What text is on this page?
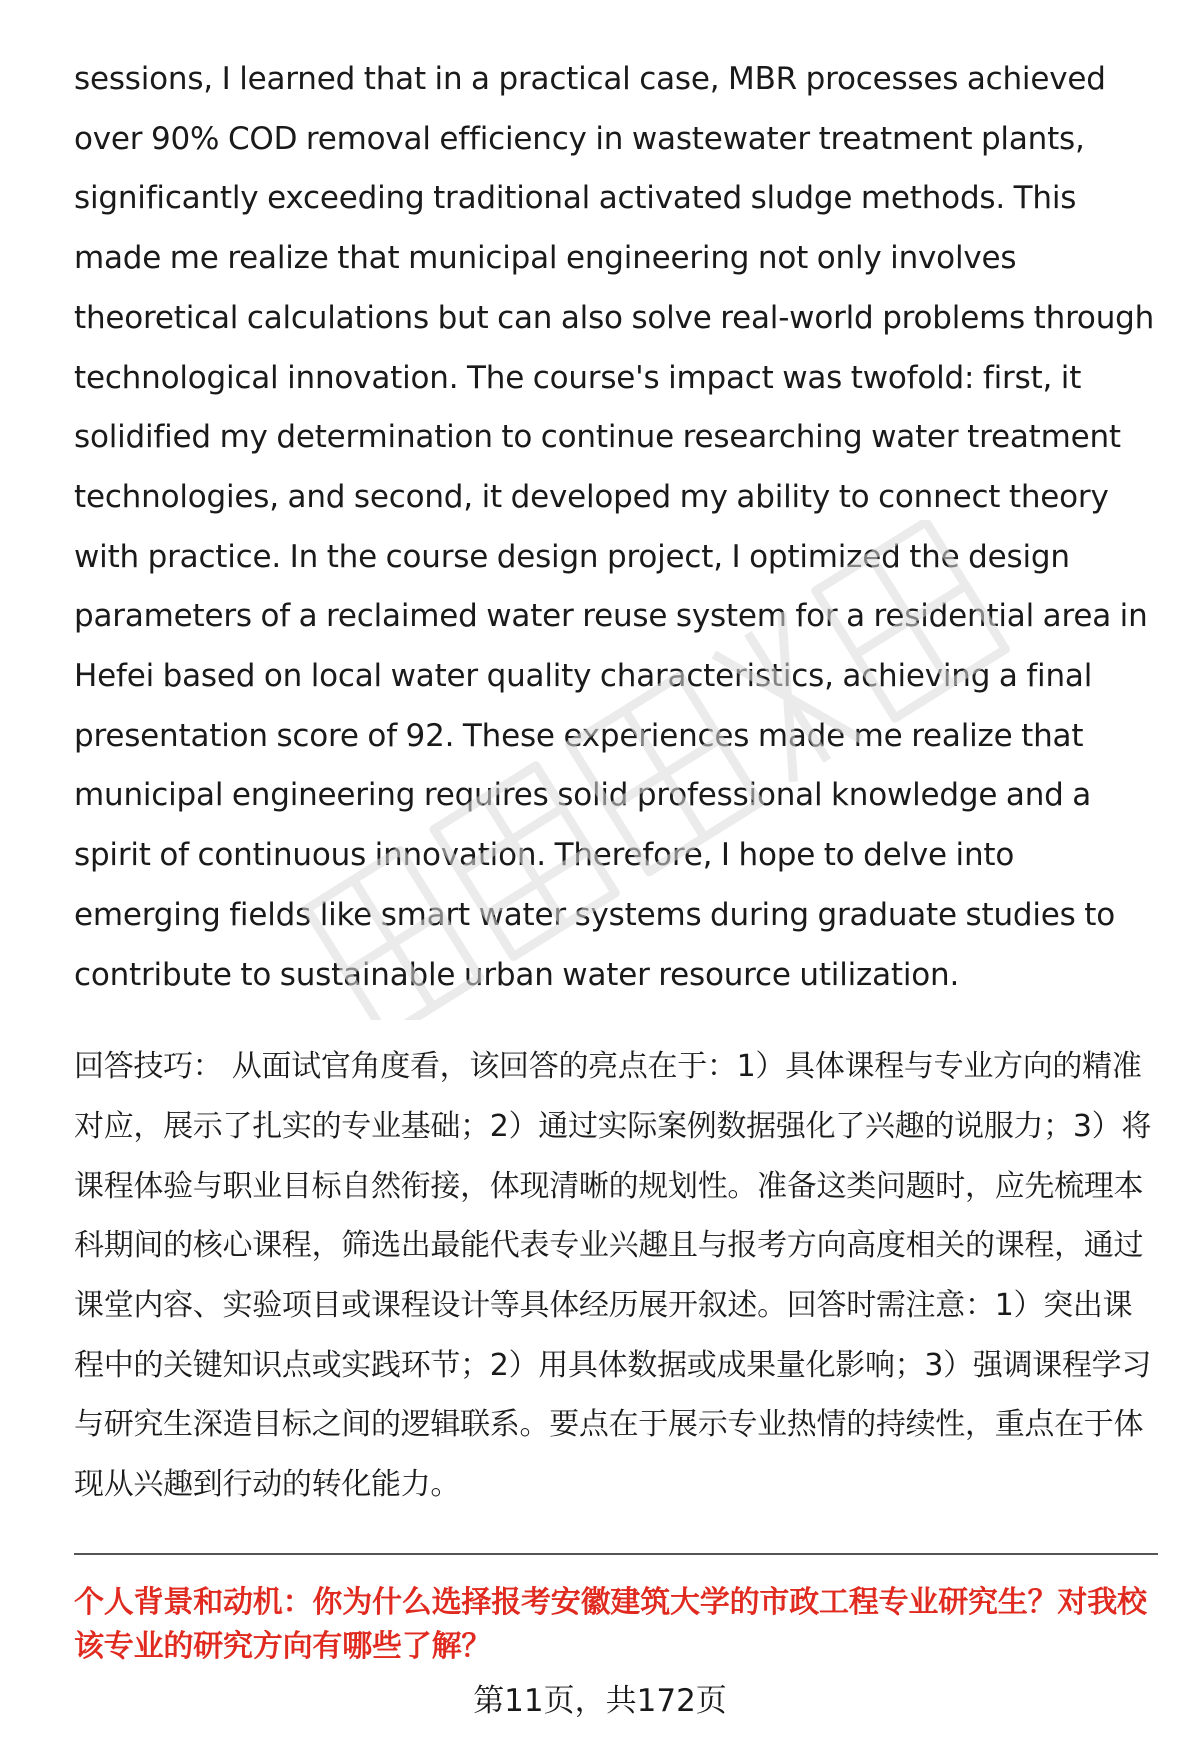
sessions, I learned that in a practical case, MBR processes achieved over 90% COD removal efficiency in wastewater treatment plants, significantly exceeding traditional activated sludge methods. This made me realize that municipal engineering not only involves theoretical calculations but can also solve real-world problems through technological innovation. The course's impact was twofold: first, it solidified my determination to continue researching water treatment technologies, and second, it developed my ability to connect theory with practice. In the course design project, I optimized the design parameters of a reclaimed water reuse system for a residential area in Hefei based on local water quality characteristics, achieving a final presentation score of 92. These experiences made me realize that municipal engineering requires solid professional knowledge and a spirit of continuous innovation. Therefore, I hope to delve into emerging fields like smart water systems during graduate studies to contribute to sustainable urban water resource utilization.

回答技巧： 从面试官角度看，该回答的亮点在于：1）具体课程与专业方向的精准对应，展示了扎实的专业基础；2）通过实际案例数据强化了兴趣的说服力；3）将课程体验与职业目标自然衔接，体现清晰的规划性。准备这类问题时，应先梳理本科期间的核心课程，筛选出最能代表专业兴趣且与报考方向高度相关的课程，通过课堂内容、实验项目或课程设计等具体经历展开叙述。回答时需注意：1）突出课程中的关键知识点或实践环节；2）用具体数据或成果量化影响；3）强调课程学习与研究生深造目标之间的逻辑联系。要点在于展示专业热情的持续性，重点在于体现从兴趣到行动的转化能力。

个人背景和动机：你为什么选择报考安徽建筑大学的市政工程专业研究生？对我校该专业的研究方向有哪些了解？

第11页，共172页
